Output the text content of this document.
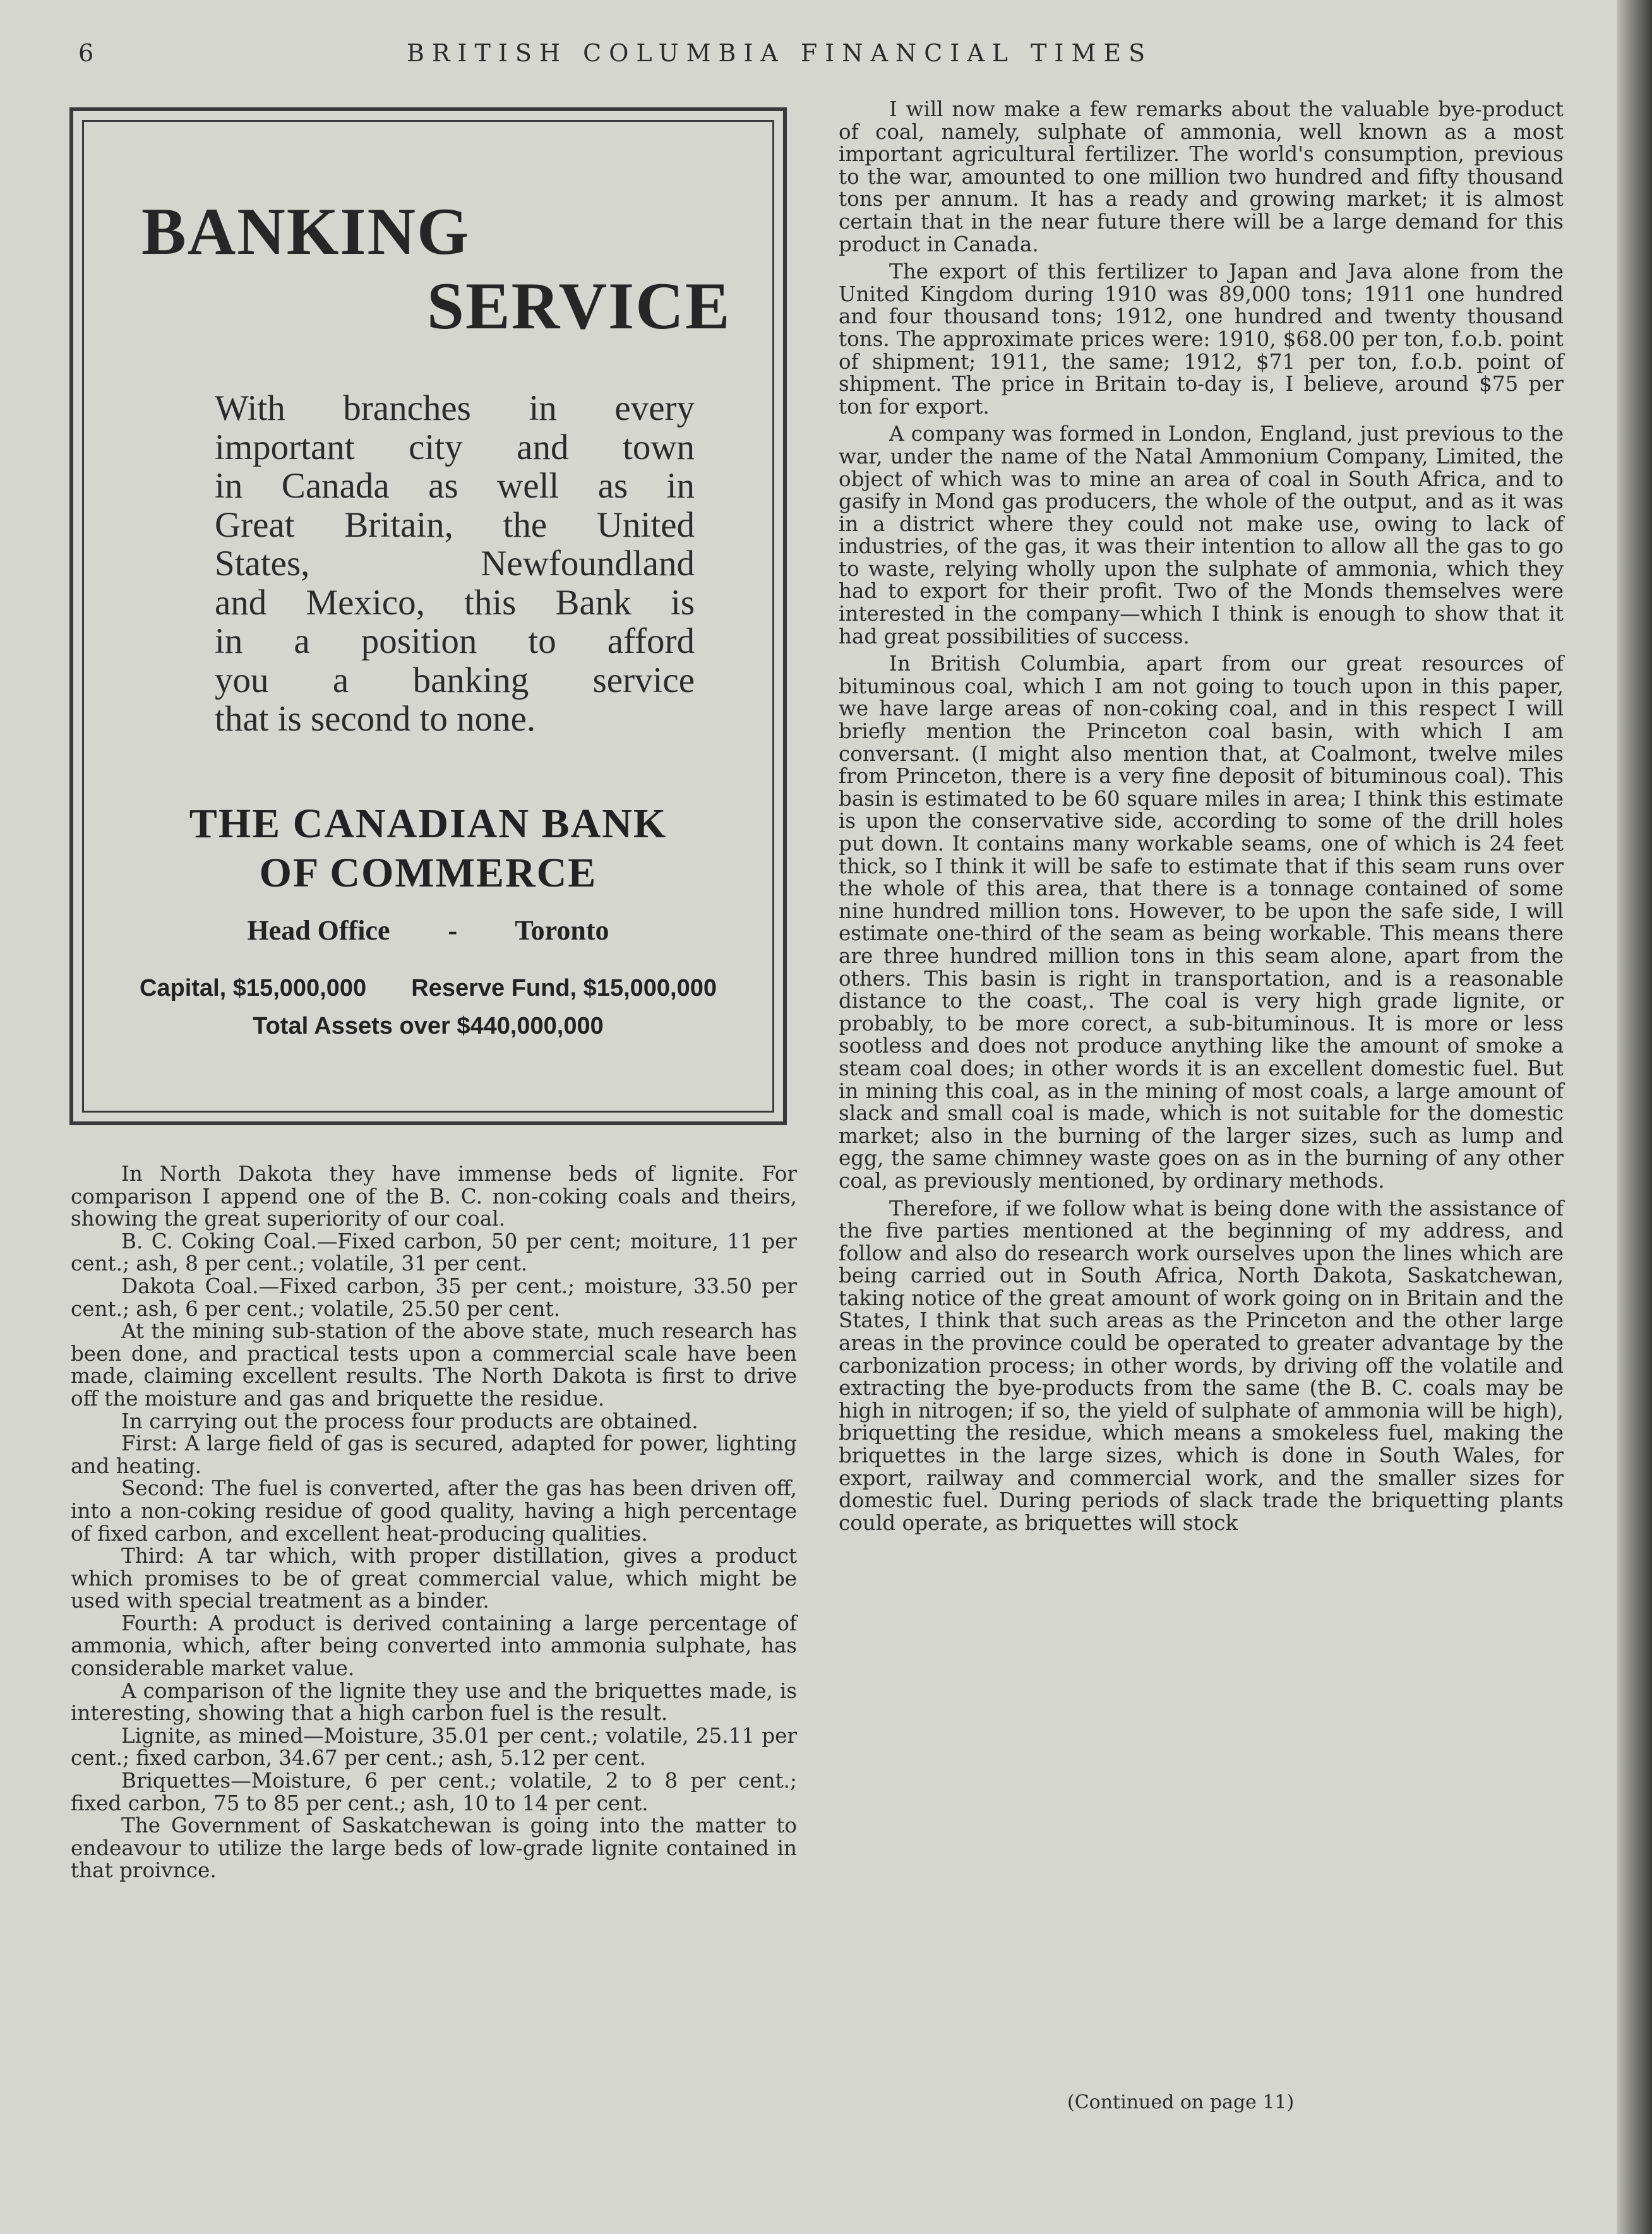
6	BRITISH COLUMBIA FINANCIAL TIMES
BANKING
SERVICE
With branches in every
important city and town
in Canada as well as in
Great Britain, the United
States, Newfoundland
and Mexico, this Bank is
in a position to afford
you a banking service
that is second to none.
THE CANADIAN BANK
OF COMMERCE
Head Office - Toronto
Capital, $15,000,000 Reserve Fund, $15,000,000
Total Assets over $440,000,000

In North Dakota they have immense beds of lignite. For comparison I append one of the B. C. non-coking coals and theirs, showing the great superiority of our coal.

B. C. Coking Coal.—Fixed carbon, 50 per cent; moiture, 11 per cent.; ash, 8 per cent.; volatile, 31 per cent.

Dakota Coal.—Fixed carbon, 35 per cent.; moisture, 33.50 per cent.; ash, 6 per cent.; volatile, 25.50 per cent.

At the mining sub-station of the above state, much research has been done, and practical tests upon a commercial scale have been made, claiming excellent results. The North Dakota is first to drive off the moisture and gas and briquette the residue.

In carrying out the process four products are obtained.

First: A large field of gas is secured, adapted for power, lighting and heating.

Second: The fuel is converted, after the gas has been driven off, into a non-coking residue of good quality, having a high percentage of fixed carbon, and excellent heat-producing qualities.

Third: A tar which, with proper distillation, gives a product which promises to be of great commercial value, which might be used with special treatment as a binder.

Fourth: A product is derived containing a large percentage of ammonia, which, after being converted into ammonia sulphate, has considerable market value.

A comparison of the lignite they use and the briquettes made, is interesting, showing that a high carbon fuel is the result.

Lignite, as mined—Moisture, 35.01 per cent.; volatile, 25.11 per cent.; fixed carbon, 34.67 per cent.; ash, 5.12 per cent.

Briquettes—Moisture, 6 per cent.; volatile, 2 to 8 per cent.; fixed carbon, 75 to 85 per cent.; ash, 10 to 14 per cent.

The Government of Saskatchewan is going into the matter to endeavour to utilize the large beds of low-grade lignite contained in that proivnce.

I will now make a few remarks about the valuable bye-product of coal, namely, sulphate of ammonia, well known as a most important agricultural fertilizer. The world's consumption, previous to the war, amounted to one million two hundred and fifty thousand tons per annum. It has a ready and growing market; it is almost certain that in the near future there will be a large demand for this product in Canada.

The export of this fertilizer to Japan and Java alone from the United Kingdom during 1910 was 89,000 tons; 1911 one hundred and four thousand tons; 1912, one hundred and twenty thousand tons. The approximate prices were: 1910, $68.00 per ton, f.o.b. point of shipment; 1911, the same; 1912, $71 per ton, f.o.b. point of shipment. The price in Britain to-day is, I believe, around $75 per ton for export.

A company was formed in London, England, just previous to the war, under the name of the Natal Ammonium Company, Limited, the object of which was to mine an area of coal in South Africa, and to gasify in Mond gas producers, the whole of the output, and as it was in a district where they could not make use, owing to lack of industries, of the gas, it was their intention to allow all the gas to go to waste, relying wholly upon the sulphate of ammonia, which they had to export for their profit. Two of the Monds themselves were interested in the company—which I think is enough to show that it had great possibilities of success.

In British Columbia, apart from our great resources of bituminous coal, which I am not going to touch upon in this paper, we have large areas of non-coking coal, and in this respect I will briefly mention the Princeton coal basin, with which I am conversant. (I might also mention that, at Coalmont, twelve miles from Princeton, there is a very fine deposit of bituminous coal). This basin is estimated to be 60 square miles in area; I think this estimate is upon the conservative side, according to some of the drill holes put down. It contains many workable seams, one of which is 24 feet thick, so I think it will be safe to estimate that if this seam runs over the whole of this area, that there is a tonnage contained of some nine hundred million tons. However, to be upon the safe side, I will estimate one-third of the seam as being workable. This means there are three hundred million tons in this seam alone, apart from the others. This basin is right in transportation, and is a reasonable distance to the coast,. The coal is very high grade lignite, or probably, to be more corect, a sub-bituminous. It is more or less sootless and does not produce anything like the amount of smoke a steam coal does; in other words it is an excellent domestic fuel. But in mining this coal, as in the mining of most coals, a large amount of slack and small coal is made, which is not suitable for the domestic market; also in the burning of the larger sizes, such as lump and egg, the same chimney waste goes on as in the burning of any other coal, as previously mentioned, by ordinary methods.

Therefore, if we follow what is being done with the assistance of the five parties mentioned at the beginning of my address, and follow and also do research work ourselves upon the lines which are being carried out in South Africa, North Dakota, Saskatchewan, taking notice of the great amount of work going on in Britain and the States, I think that such areas as the Princeton and the other large areas in the province could be operated to greater advantage by the carbonization process; in other words, by driving off the volatile and extracting the bye-products from the same (the B. C. coals may be high in nitrogen; if so, the yield of sulphate of ammonia will be high), briquetting the residue, which means a smokeless fuel, making the briquettes in the large sizes, which is done in South Wales, for export, railway and commercial work, and the smaller sizes for domestic fuel. During periods of slack trade the briquetting plants could operate, as briquettes will stock

(Continued on page 11)
